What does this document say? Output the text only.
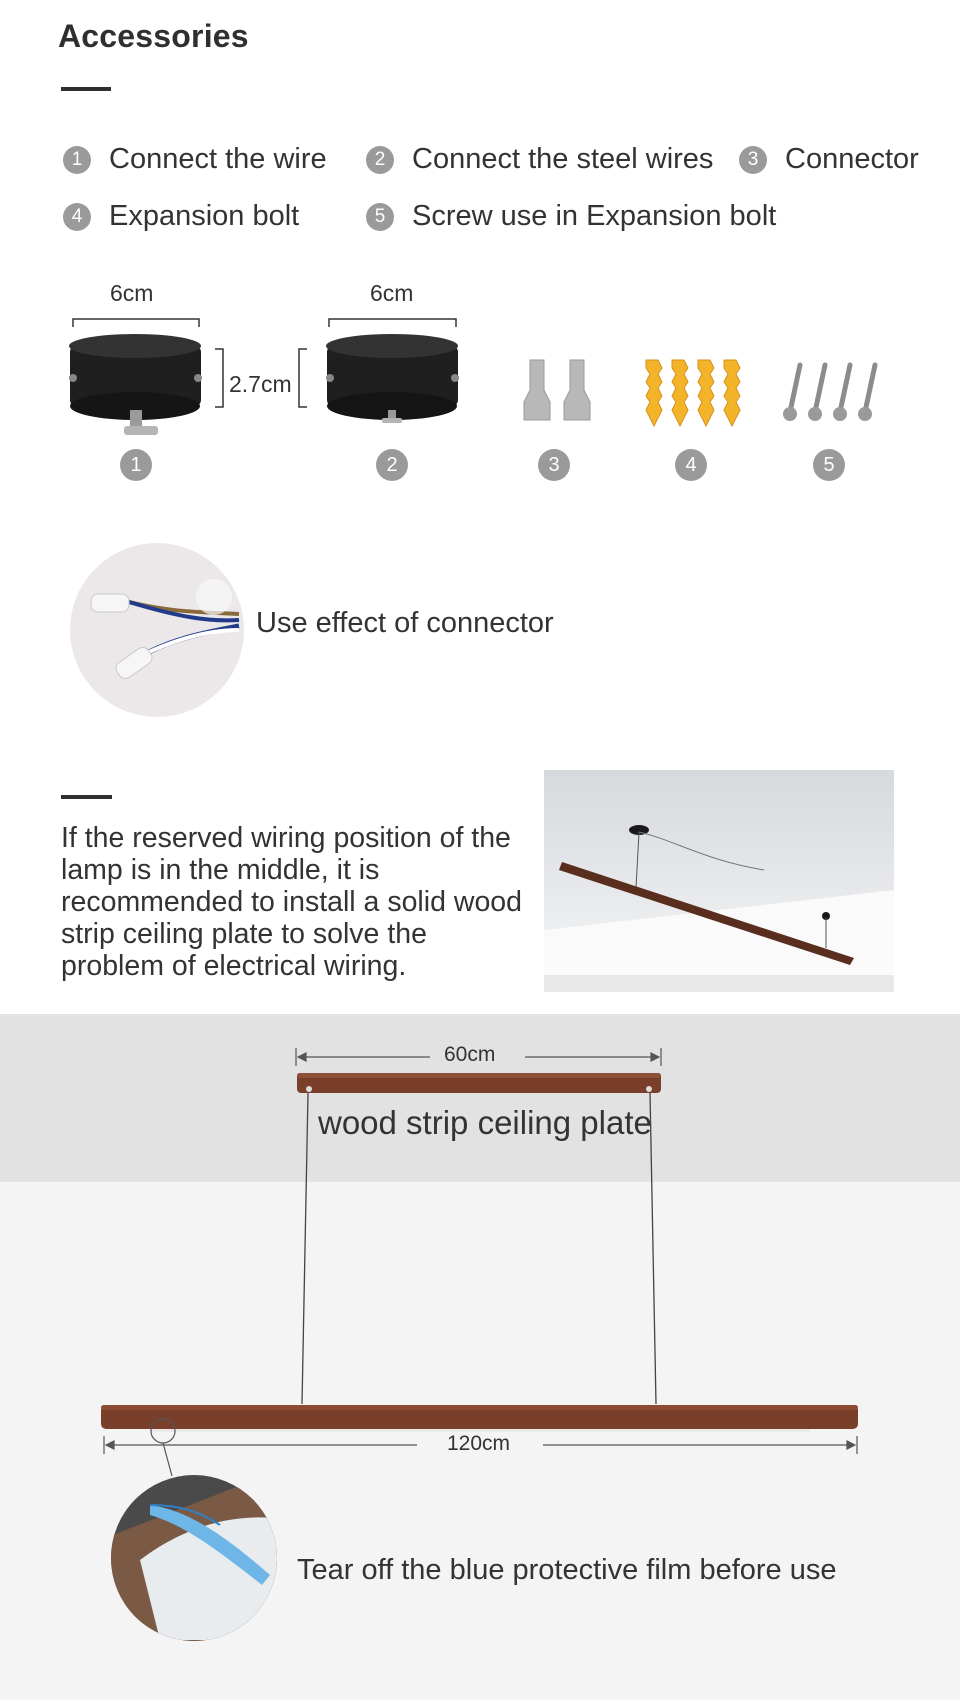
Accessories
1 Connect the wire	2 Connect the steel wires	3 Connector
4 Expansion bolt	5 Screw use in Expansion bolt
6cm	6cm
2.7cm
1	2	3	4	5
Use effect of connector
If the reserved wiring position of the lamp is in the middle, it is recommended to install a solid wood strip ceiling plate to solve the problem of electrical wiring.
60cm
wood strip ceiling plate
120cm
Tear off the blue protective film before use
